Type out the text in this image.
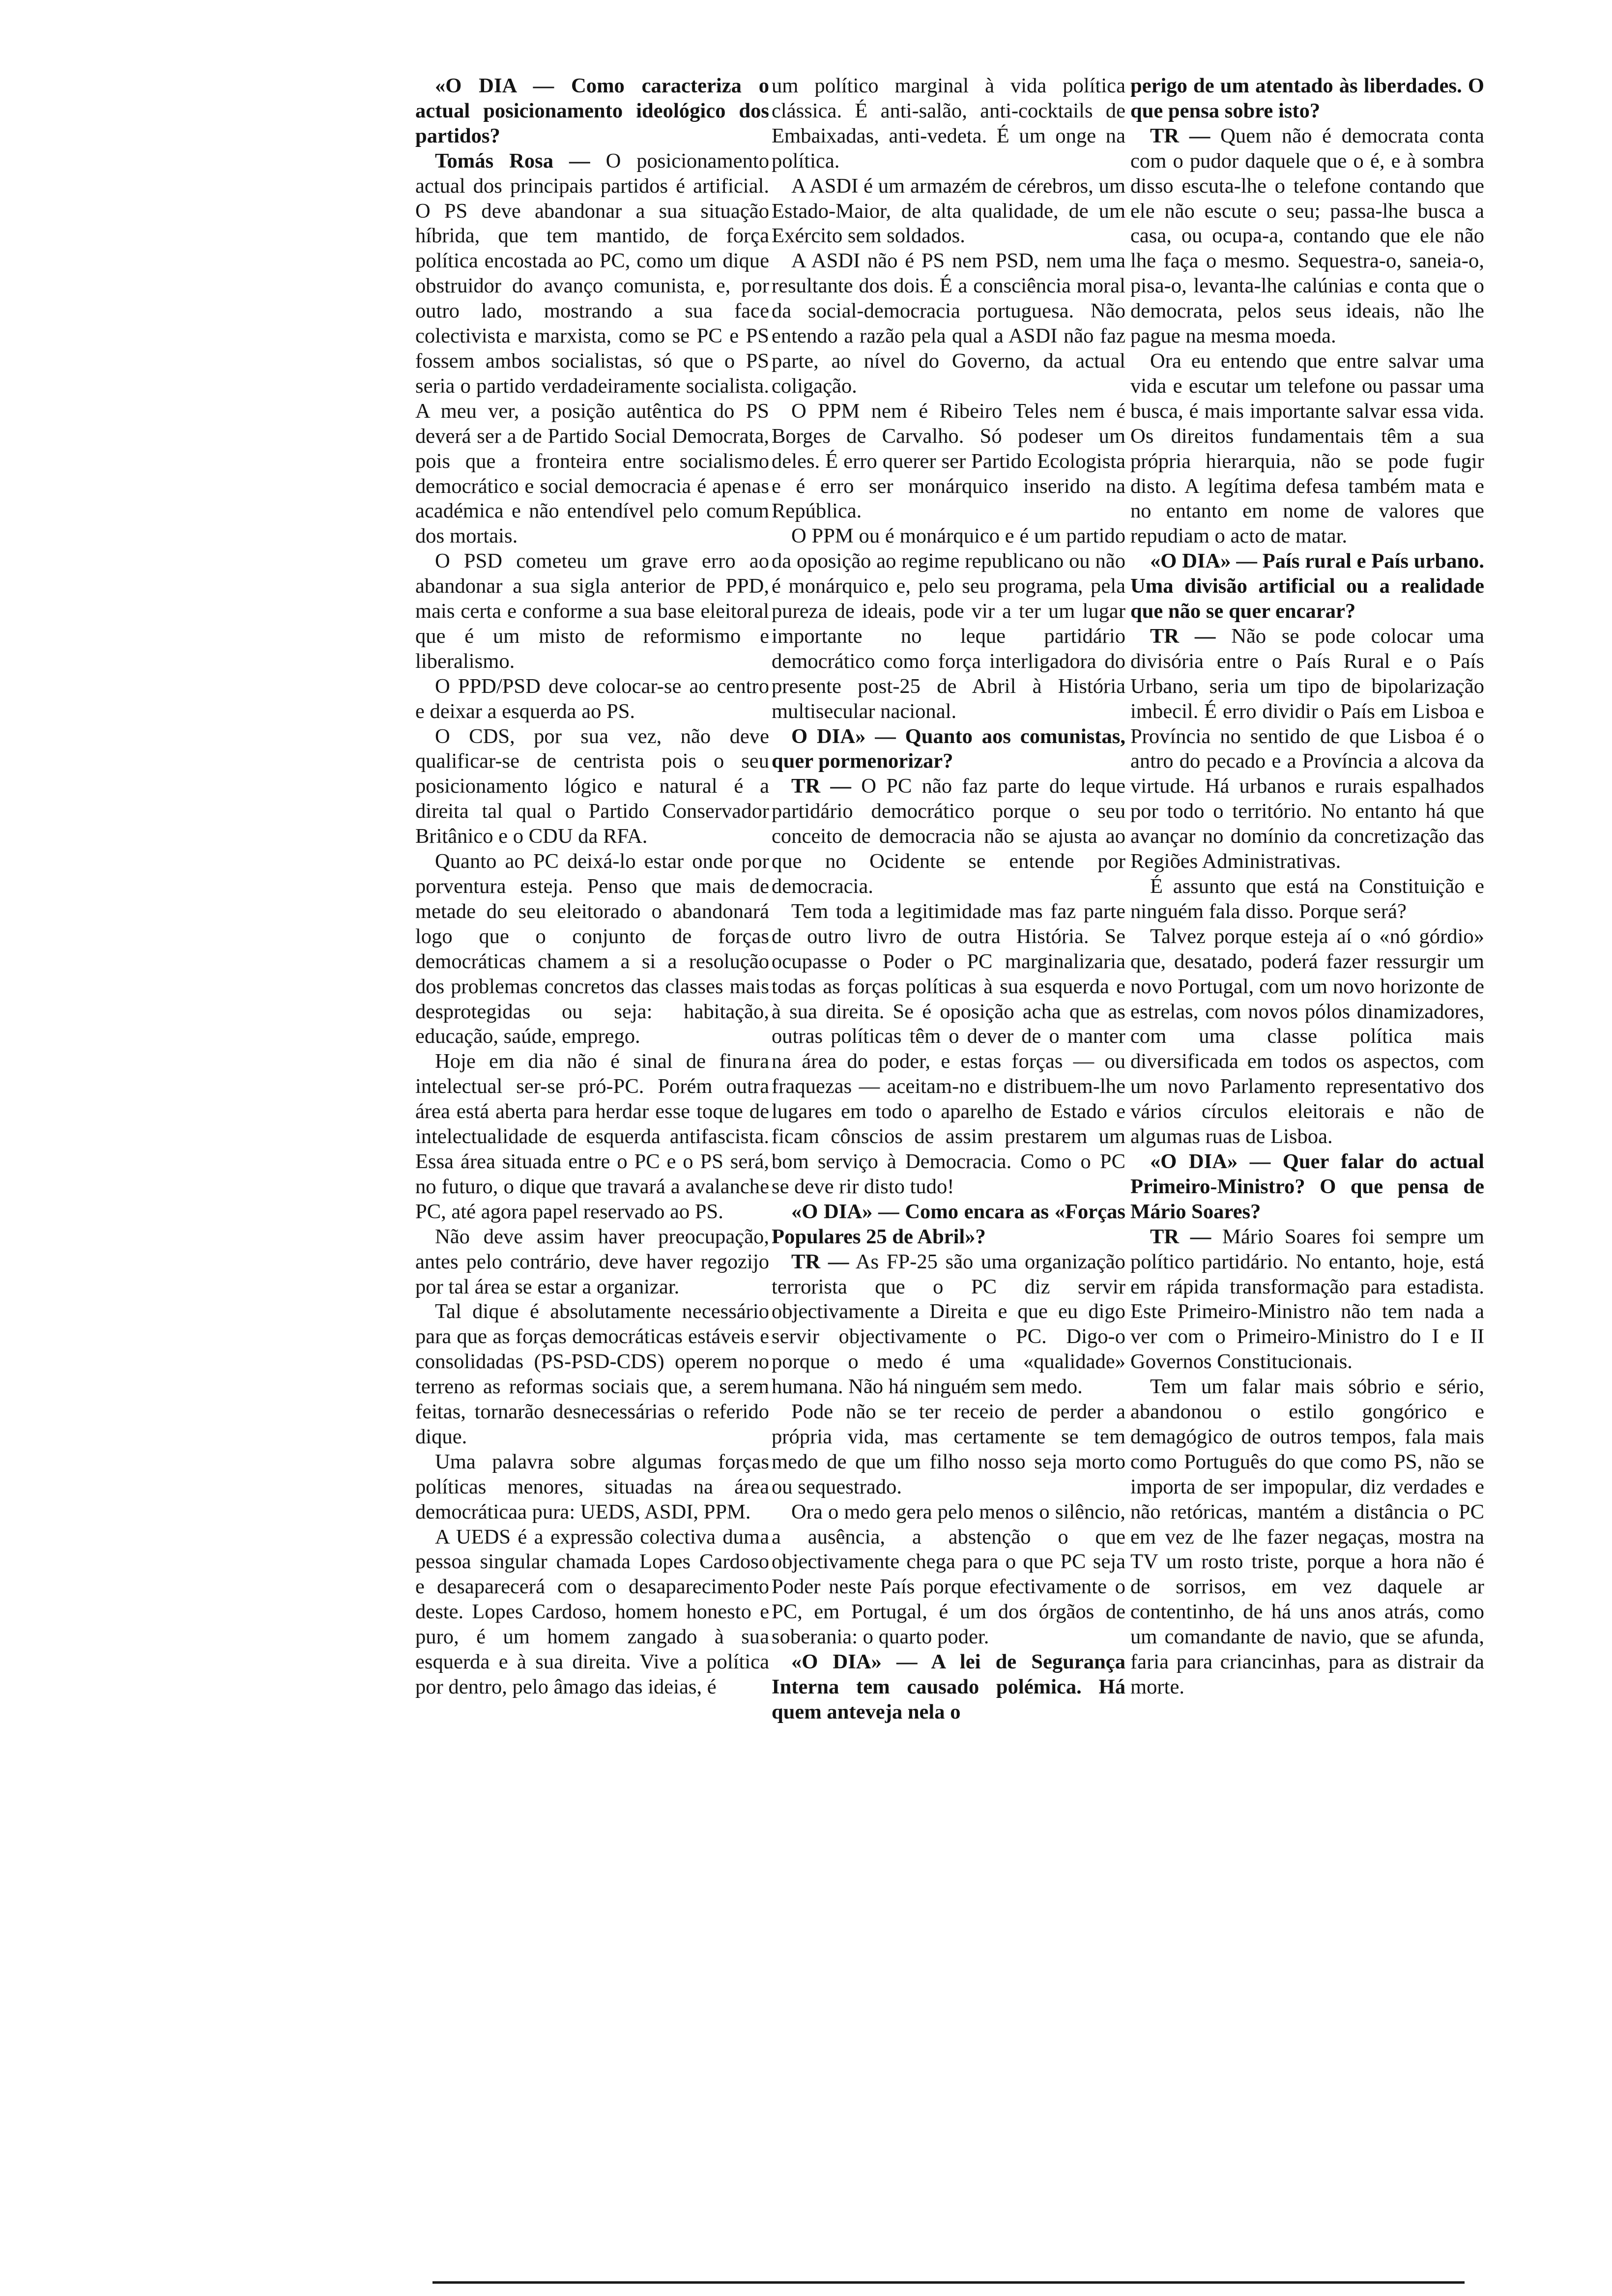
«O DIA — Como caracteriza o actual posicionamento ideológico dos partidos?

Tomás Rosa — O posicionamento actual dos principais partidos é artificial. O PS deve abandonar a sua situação híbrida, que tem mantido, de força política encostada ao PC, como um dique obstruidor do avanço comunista, e, por outro lado, mostrando a sua face colectivista e marxista, como se PC e PS fossem ambos socialistas, só que o PS seria o partido verdadeiramente socialista. A meu ver, a posição autêntica do PS deverá ser a de Partido Social Democrata, pois que a fronteira entre socialismo democrático e social democracia é apenas académica e não entendível pelo comum dos mortais.

O PSD cometeu um grave erro ao abandonar a sua sigla anterior de PPD, mais certa e conforme a sua base eleitoral que é um misto de reformismo e liberalismo.

O PPD/PSD deve colocar-se ao centro e deixar a esquerda ao PS.

O CDS, por sua vez, não deve qualificar-se de centrista pois o seu posicionamento lógico e natural é a direita tal qual o Partido Conservador Britânico e o CDU da RFA.

Quanto ao PC deixá-lo estar onde por porventura esteja. Penso que mais de metade do seu eleitorado o abandonará logo que o conjunto de forças democráticas chamem a si a resolução dos problemas concretos das classes mais desprotegidas ou seja: habitação, educação, saúde, emprego.

Hoje em dia não é sinal de finura intelectual ser-se pró-PC. Porém outra área está aberta para herdar esse toque de intelectualidade de esquerda antifascista. Essa área situada entre o PC e o PS será, no futuro, o dique que travará a avalanche PC, até agora papel reservado ao PS.

Não deve assim haver preocupação, antes pelo contrário, deve haver regozijo por tal área se estar a organizar.

Tal dique é absolutamente necessário para que as forças democráticas estáveis e consolidadas (PS-PSD-CDS) operem no terreno as reformas sociais que, a serem feitas, tornarão desnecessárias o referido dique.

Uma palavra sobre algumas forças políticas menores, situadas na área democráticaa pura: UEDS, ASDI, PPM.

A UEDS é a expressão colectiva duma pessoa singular chamada Lopes Cardoso e desaparecerá com o desaparecimento deste. Lopes Cardoso, homem honesto e puro, é um homem zangado à sua esquerda e à sua direita. Vive a política por dentro, pelo âmago das ideias, é

um político marginal à vida política clássica. É anti-salão, anti-cocktails de Embaixadas, anti-vedeta. É um onge na política.

A ASDI é um armazém de cérebros, um Estado-Maior, de alta qualidade, de um Exército sem soldados.

A ASDI não é PS nem PSD, nem uma resultante dos dois. É a consciência moral da social-democracia portuguesa. Não entendo a razão pela qual a ASDI não faz parte, ao nível do Governo, da actual coligação.

O PPM nem é Ribeiro Teles nem é Borges de Carvalho. Só podeser um deles. É erro querer ser Partido Ecologista e é erro ser monárquico inserido na República.

O PPM ou é monárquico e é um partido da oposição ao regime republicano ou não é monárquico e, pelo seu programa, pela pureza de ideais, pode vir a ter um lugar importante no leque partidário democrático como força interligadora do presente post-25 de Abril à História multisecular nacional.

O DIA» — Quanto aos comunistas, quer pormenorizar?

TR — O PC não faz parte do leque partidário democrático porque o seu conceito de democracia não se ajusta ao que no Ocidente se entende por democracia.

Tem toda a legitimidade mas faz parte de outro livro de outra História. Se ocupasse o Poder o PC marginalizaria todas as forças políticas à sua esquerda e à sua direita. Se é oposição acha que as outras políticas têm o dever de o manter na área do poder, e estas forças — ou fraquezas — aceitam-no e distribuem-lhe lugares em todo o aparelho de Estado e ficam cônscios de assim prestarem um bom serviço à Democracia. Como o PC se deve rir disto tudo!

«O DIA» — Como encara as «Forças Populares 25 de Abril»?

TR — As FP-25 são uma organização terrorista que o PC diz servir objectivamente a Direita e que eu digo servir objectivamente o PC. Digo-o porque o medo é uma «qualidade» humana. Não há ninguém sem medo.

Pode não se ter receio de perder a própria vida, mas certamente se tem medo de que um filho nosso seja morto ou sequestrado.

Ora o medo gera pelo menos o silêncio, a ausência, a abstenção o que objectivamente chega para o que PC seja Poder neste País porque efectivamente o PC, em Portugal, é um dos órgãos de soberania: o quarto poder.

«O DIA» — A lei de Segurança Interna tem causado polémica. Há quem anteveja nela o

perigo de um atentado às liberdades. O que pensa sobre isto?

TR — Quem não é democrata conta com o pudor daquele que o é, e à sombra disso escuta-lhe o telefone contando que ele não escute o seu; passa-lhe busca a casa, ou ocupa-a, contando que ele não lhe faça o mesmo. Sequestra-o, saneia-o, pisa-o, levanta-lhe calúnias e conta que o democrata, pelos seus ideais, não lhe pague na mesma moeda.

Ora eu entendo que entre salvar uma vida e escutar um telefone ou passar uma busca, é mais importante salvar essa vida. Os direitos fundamentais têm a sua própria hierarquia, não se pode fugir disto. A legítima defesa também mata e no entanto em nome de valores que repudiam o acto de matar.

«O DIA» — País rural e País urbano. Uma divisão artificial ou a realidade que não se quer encarar?

TR — Não se pode colocar uma divisória entre o País Rural e o País Urbano, seria um tipo de bipolarização imbecil. É erro dividir o País em Lisboa e Província no sentido de que Lisboa é o antro do pecado e a Província a alcova da virtude. Há urbanos e rurais espalhados por todo o território. No entanto há que avançar no domínio da concretização das Regiões Administrativas.

É assunto que está na Constituição e ninguém fala disso. Porque será?

Talvez porque esteja aí o «nó górdio» que, desatado, poderá fazer ressurgir um novo Portugal, com um novo horizonte de estrelas, com novos pólos dinamizadores, com uma classe política mais diversificada em todos os aspectos, com um novo Parlamento representativo dos vários círculos eleitorais e não de algumas ruas de Lisboa.

«O DIA» — Quer falar do actual Primeiro-Ministro? O que pensa de Mário Soares?

TR — Mário Soares foi sempre um político partidário. No entanto, hoje, está em rápida transformação para estadista. Este Primeiro-Ministro não tem nada a ver com o Primeiro-Ministro do I e II Governos Constitucionais.

Tem um falar mais sóbrio e sério, abandonou o estilo gongórico e demagógico de outros tempos, fala mais como Português do que como PS, não se importa de ser impopular, diz verdades e não retóricas, mantém a distância o PC em vez de lhe fazer negaças, mostra na TV um rosto triste, porque a hora não é de sorrisos, em vez daquele ar contentinho, de há uns anos atrás, como um comandante de navio, que se afunda, faria para criancinhas, para as distrair da morte.
